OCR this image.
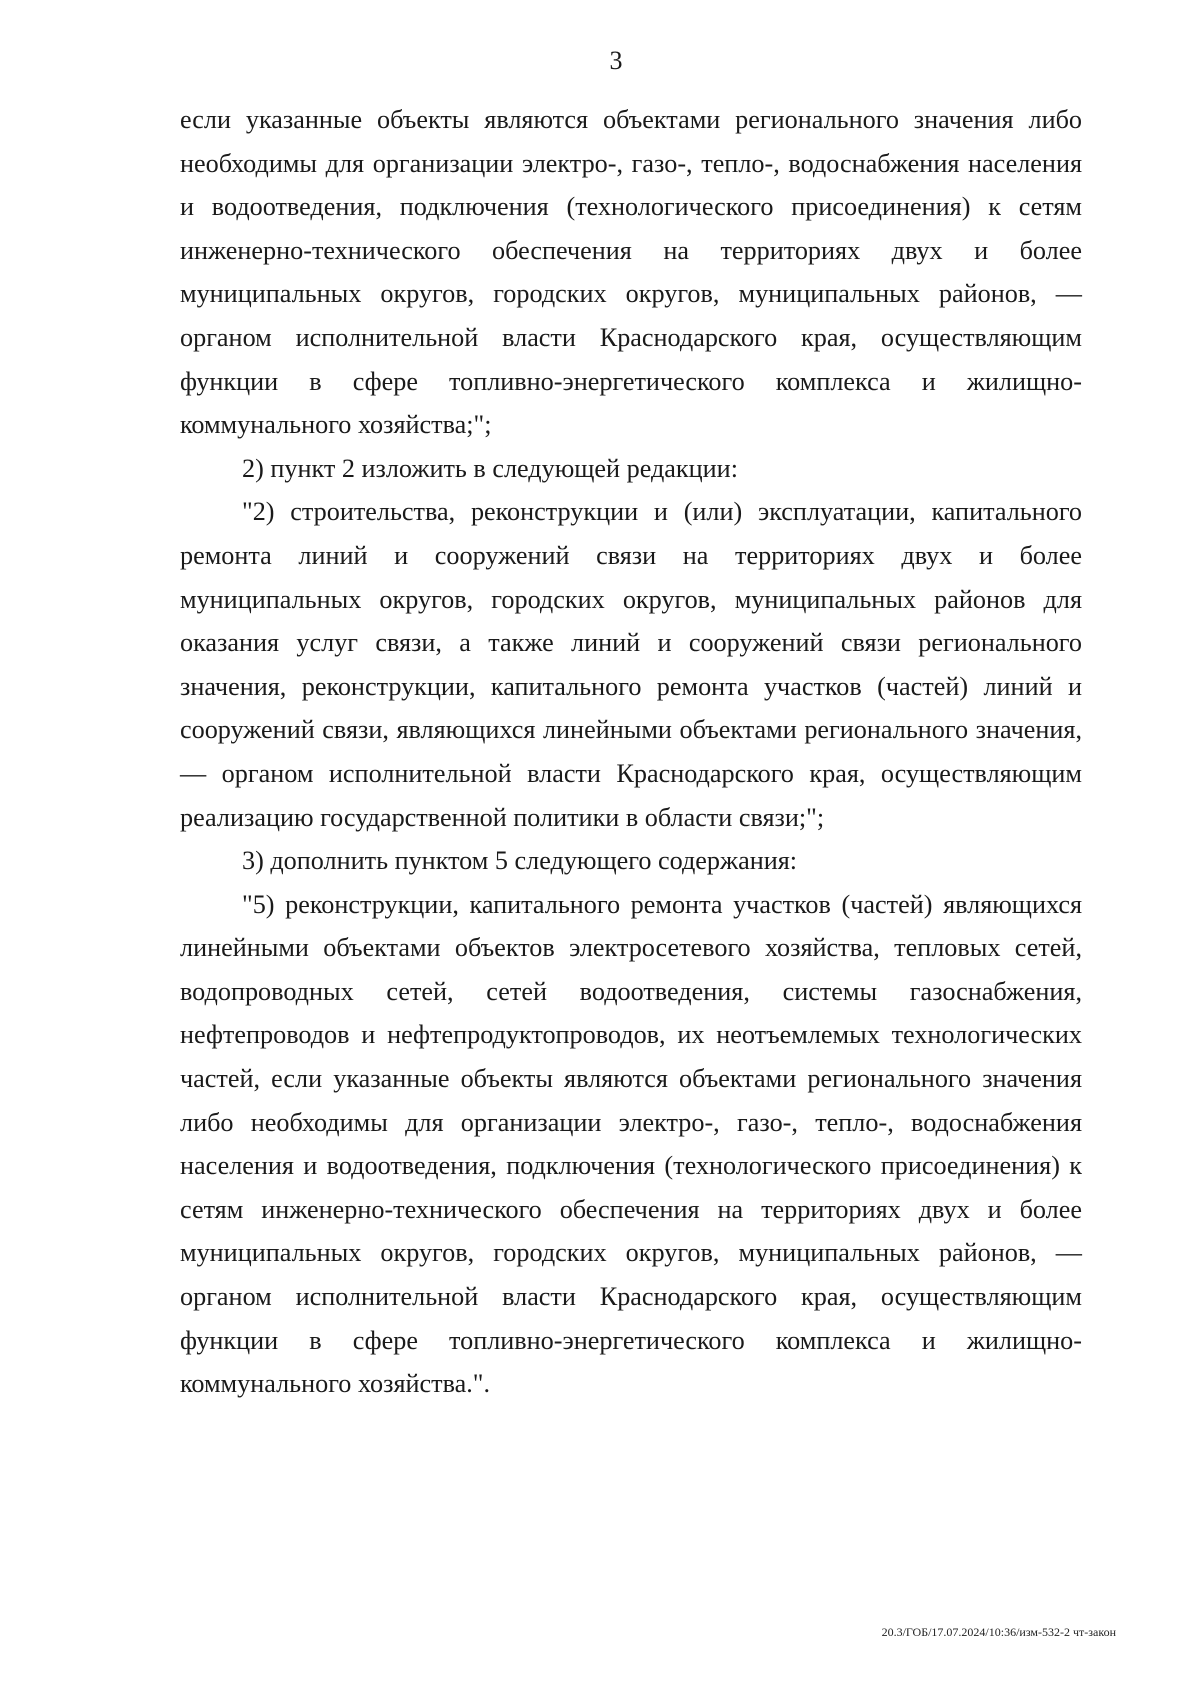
3

если указанные объекты являются объектами регионального значения либо необходимы для организации электро-, газо-, тепло-, водоснабжения населения и водоотведения, подключения (технологического присоединения) к сетям инженерно-технического обеспечения на территориях двух и более муниципальных округов, городских округов, муниципальных районов, — органом исполнительной власти Краснодарского края, осуществляющим функции в сфере топливно-энергетического комплекса и жилищно-коммунального хозяйства;";

2) пункт 2 изложить в следующей редакции:

"2) строительства, реконструкции и (или) эксплуатации, капитального ремонта линий и сооружений связи на территориях двух и более муниципальных округов, городских округов, муниципальных районов для оказания услуг связи, а также линий и сооружений связи регионального значения, реконструкции, капитального ремонта участков (частей) линий и сооружений связи, являющихся линейными объектами регионального значения, — органом исполнительной власти Краснодарского края, осуществляющим реализацию государственной политики в области связи;";

3) дополнить пунктом 5 следующего содержания:

"5) реконструкции, капитального ремонта участков (частей) являющихся линейными объектами объектов электросетевого хозяйства, тепловых сетей, водопроводных сетей, сетей водоотведения, системы газоснабжения, нефтепроводов и нефтепродуктопроводов, их неотъемлемых технологических частей, если указанные объекты являются объектами регионального значения либо необходимы для организации электро-, газо-, тепло-, водоснабжения населения и водоотведения, подключения (технологического присоединения) к сетям инженерно-технического обеспечения на территориях двух и более муниципальных округов, городских округов, муниципальных районов, — органом исполнительной власти Краснодарского края, осуществляющим функции в сфере топливно-энергетического комплекса и жилищно-коммунального хозяйства.".

20.3/ГОБ/17.07.2024/10:36/изм-532-2 чт-закон
